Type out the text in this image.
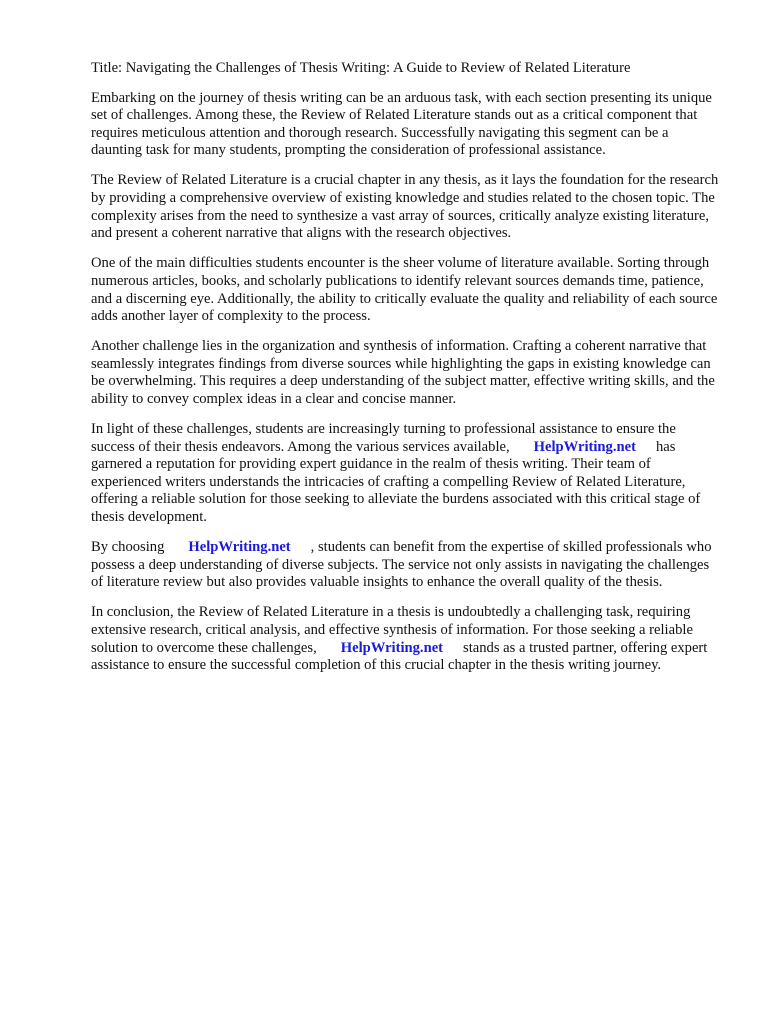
Title: Navigating the Challenges of Thesis Writing: A Guide to Review of Related Literature

Embarking on the journey of thesis writing can be an arduous task, with each section presenting its unique set of challenges. Among these, the Review of Related Literature stands out as a critical component that requires meticulous attention and thorough research. Successfully navigating this segment can be a daunting task for many students, prompting the consideration of professional assistance.

The Review of Related Literature is a crucial chapter in any thesis, as it lays the foundation for the research by providing a comprehensive overview of existing knowledge and studies related to the chosen topic. The complexity arises from the need to synthesize a vast array of sources, critically analyze existing literature, and present a coherent narrative that aligns with the research objectives.

One of the main difficulties students encounter is the sheer volume of literature available. Sorting through numerous articles, books, and scholarly publications to identify relevant sources demands time, patience, and a discerning eye. Additionally, the ability to critically evaluate the quality and reliability of each source adds another layer of complexity to the process.

Another challenge lies in the organization and synthesis of information. Crafting a coherent narrative that seamlessly integrates findings from diverse sources while highlighting the gaps in existing knowledge can be overwhelming. This requires a deep understanding of the subject matter, effective writing skills, and the ability to convey complex ideas in a clear and concise manner.

In light of these challenges, students are increasingly turning to professional assistance to ensure the success of their thesis endeavors. Among the various services available, HelpWriting.net has garnered a reputation for providing expert guidance in the realm of thesis writing. Their team of experienced writers understands the intricacies of crafting a compelling Review of Related Literature, offering a reliable solution for those seeking to alleviate the burdens associated with this critical stage of thesis development.

By choosing HelpWriting.net , students can benefit from the expertise of skilled professionals who possess a deep understanding of diverse subjects. The service not only assists in navigating the challenges of literature review but also provides valuable insights to enhance the overall quality of the thesis.

In conclusion, the Review of Related Literature in a thesis is undoubtedly a challenging task, requiring extensive research, critical analysis, and effective synthesis of information. For those seeking a reliable solution to overcome these challenges, HelpWriting.net stands as a trusted partner, offering expert assistance to ensure the successful completion of this crucial chapter in the thesis writing journey.
